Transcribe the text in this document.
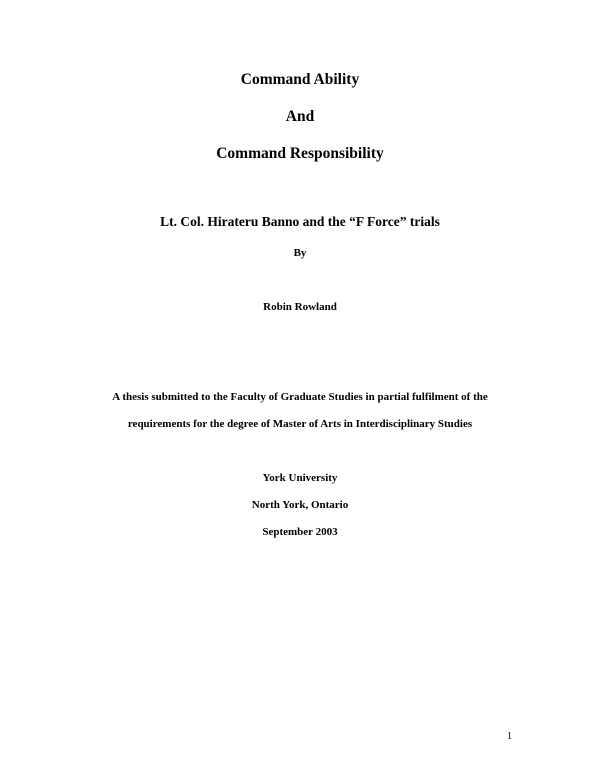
Command Ability
And
Command Responsibility
Lt. Col. Hirateru Banno and the “F Force” trials
By
Robin Rowland
A thesis submitted to the Faculty of Graduate Studies in partial fulfilment of the
requirements for the degree of Master of Arts in Interdisciplinary Studies
York University
North York, Ontario
September 2003
1
